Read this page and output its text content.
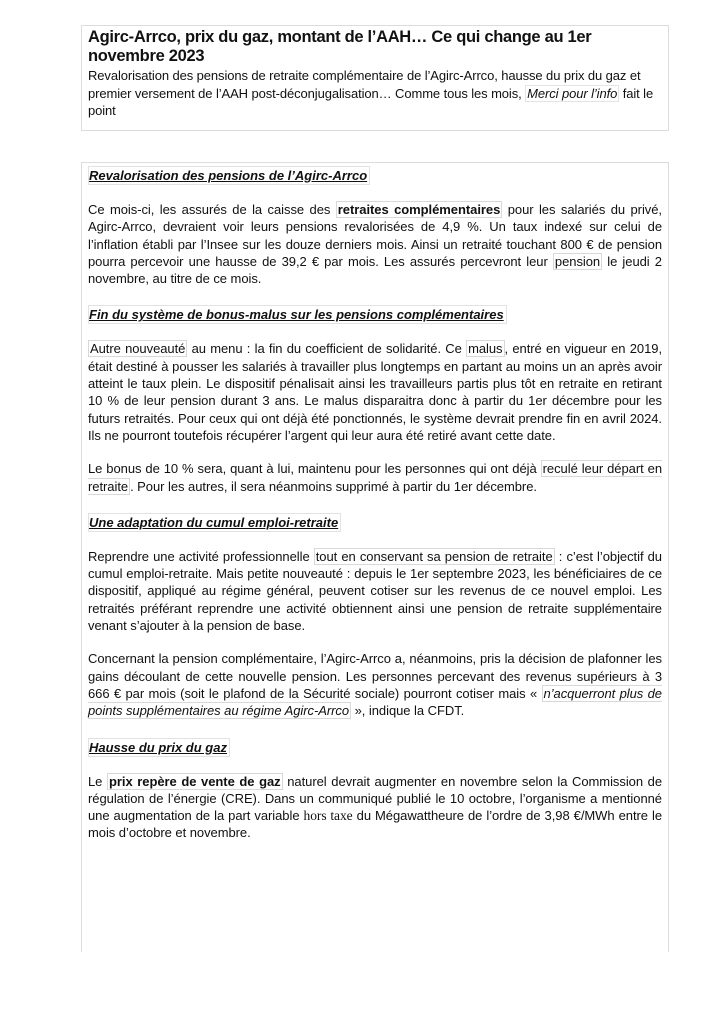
Agirc-Arrco, prix du gaz, montant de l’AAH… Ce qui change au 1er novembre 2023

Revalorisation des pensions de retraite complémentaire de l’Agirc-Arrco, hausse du prix du gaz et premier versement de l’AAH post-déconjugalisation… Comme tous les mois, Merci pour l’info fait le point

Revalorisation des pensions de l’Agirc-Arrco

Ce mois-ci, les assurés de la caisse des retraites complémentaires pour les salariés du privé, Agirc-Arrco, devraient voir leurs pensions revalorisées de 4,9 %. Un taux indexé sur celui de l’inflation établi par l’Insee sur les douze derniers mois. Ainsi un retraité touchant 800 € de pension pourra percevoir une hausse de 39,2 € par mois. Les assurés percevront leur pension le jeudi 2 novembre, au titre de ce mois.

Fin du système de bonus-malus sur les pensions complémentaires

Autre nouveauté au menu : la fin du coefficient de solidarité. Ce malus , entré en vigueur en 2019, était destiné à pousser les salariés à travailler plus longtemps en partant au moins un an après avoir atteint le taux plein. Le dispositif pénalisait ainsi les travailleurs partis plus tôt en retraite en retirant 10 % de leur pension durant 3 ans. Le malus disparaitra donc à partir du 1er décembre pour les futurs retraités. Pour ceux qui ont déjà été ponctionnés, le système devrait prendre fin en avril 2024. Ils ne pourront toutefois récupérer l’argent qui leur aura été retiré avant cette date.

Le bonus de 10 % sera, quant à lui, maintenu pour les personnes qui ont déjà reculé leur départ en retraite . Pour les autres, il sera néanmoins supprimé à partir du 1er décembre.

Une adaptation du cumul emploi-retraite

Reprendre une activité professionnelle tout en conservant sa pension de retraite : c’est l’objectif du cumul emploi-retraite. Mais petite nouveauté : depuis le 1er septembre 2023, les bénéficiaires de ce dispositif, appliqué au régime général, peuvent cotiser sur les revenus de ce nouvel emploi. Les retraités préférant reprendre une activité obtiennent ainsi une pension de retraite supplémentaire venant s’ajouter à la pension de base.

Concernant la pension complémentaire, l’Agirc-Arrco a, néanmoins, pris la décision de plafonner les gains découlant de cette nouvelle pension. Les personnes percevant des revenus supérieurs à 3 666 € par mois (soit le plafond de la Sécurité sociale) pourront cotiser mais « n’acquerront plus de points supplémentaires au régime Agirc-Arrco », indique la CFDT.

Hausse du prix du gaz

Le prix repère de vente de gaz naturel devrait augmenter en novembre selon la Commission de régulation de l’énergie (CRE). Dans un communiqué publié le 10 octobre, l’organisme a mentionné une augmentation de la part variable hors taxe du Mégawattheure de l’ordre de 3,98 €/MWh entre le mois d’octobre et novembre.
